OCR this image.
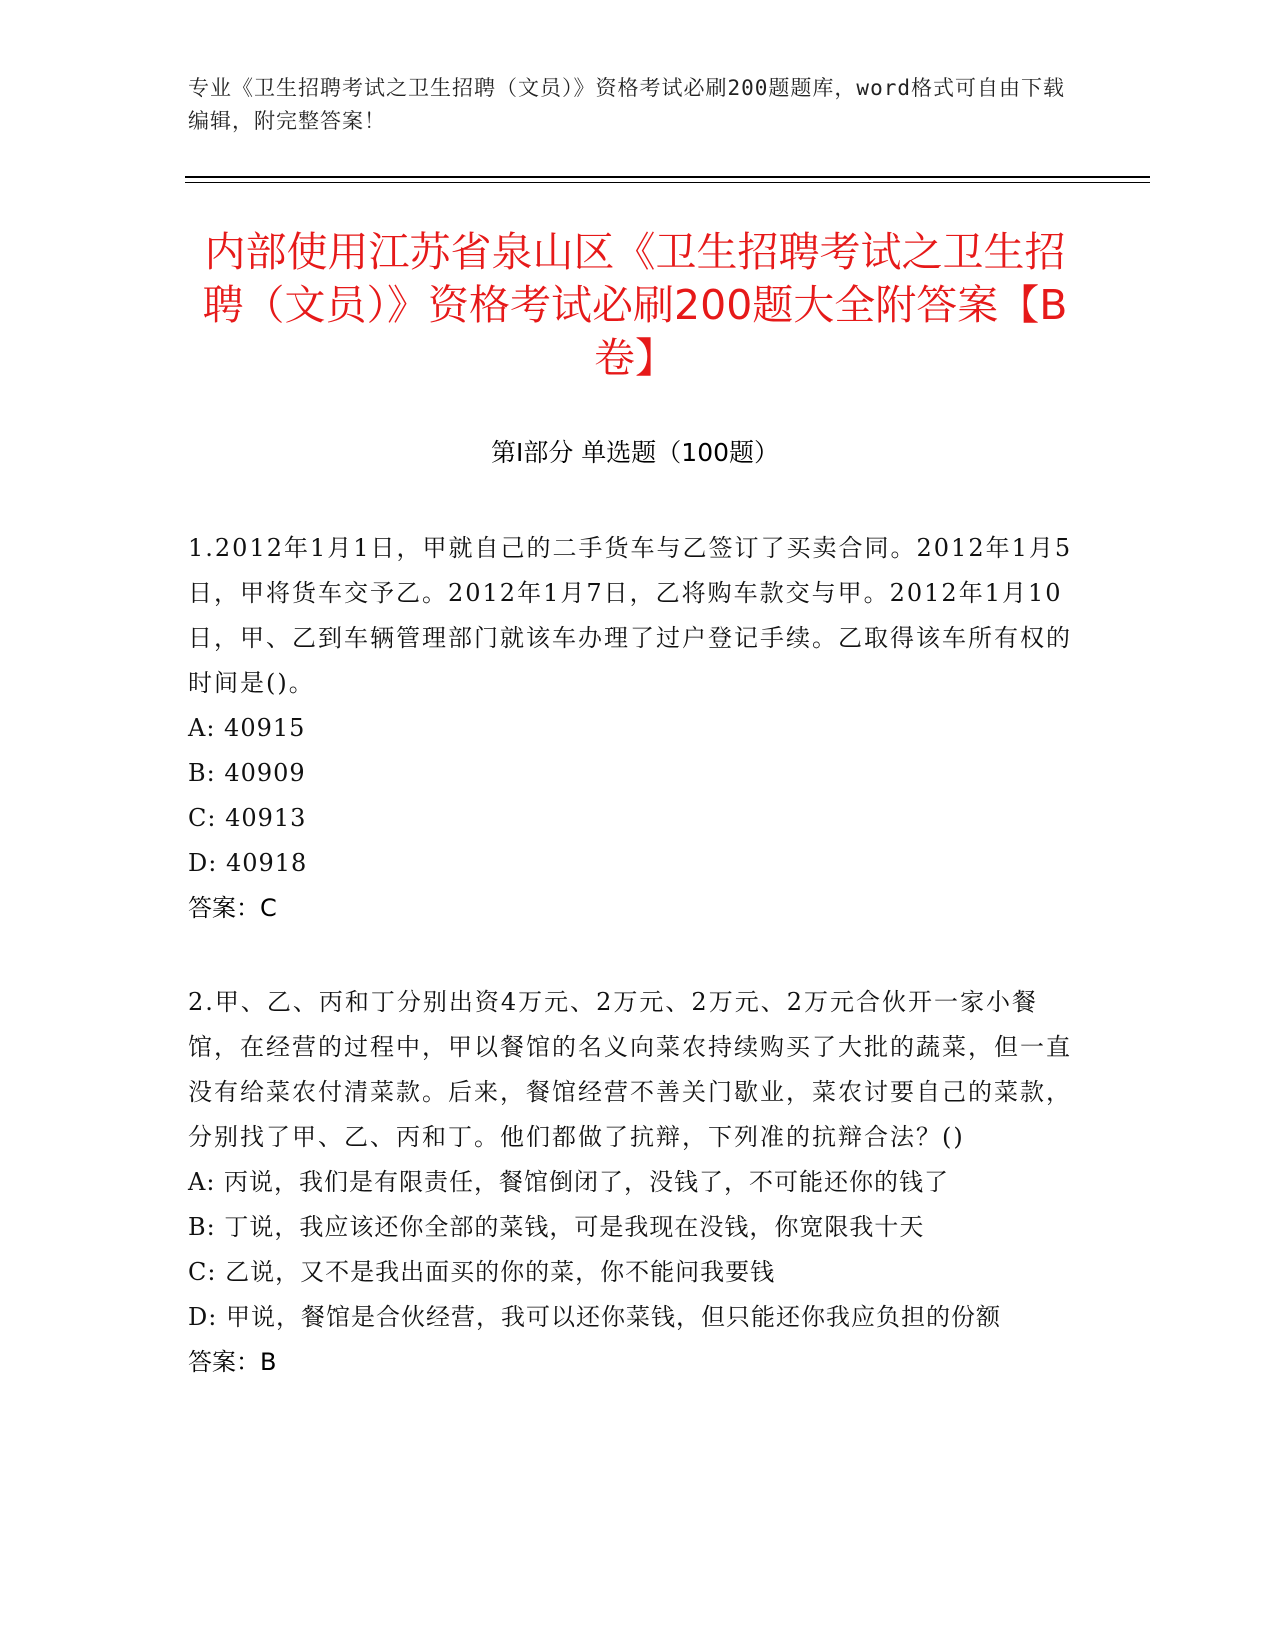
专业《卫生招聘考试之卫生招聘（文员）》资格考试必刷200题题库，word格式可自由下载编辑，附完整答案！
内部使用江苏省泉山区《卫生招聘考试之卫生招聘（文员）》资格考试必刷200题大全附答案【B卷】
第I部分 单选题（100题）
1.2012年1月1日，甲就自己的二手货车与乙签订了买卖合同。2012年1月5日，甲将货车交予乙。2012年1月7日，乙将购车款交与甲。2012年1月10日，甲、乙到车辆管理部门就该车办理了过户登记手续。乙取得该车所有权的时间是()。
A: 40915
B: 40909
C: 40913
D: 40918
答案：C
2.甲、乙、丙和丁分别出资4万元、2万元、2万元、2万元合伙开一家小餐馆，在经营的过程中，甲以餐馆的名义向菜农持续购买了大批的蔬菜，但一直没有给菜农付清菜款。后来，餐馆经营不善关门歇业，菜农讨要自己的菜款，分别找了甲、乙、丙和丁。他们都做了抗辩，下列准的抗辩合法？()
A: 丙说，我们是有限责任，餐馆倒闭了，没钱了，不可能还你的钱了
B: 丁说，我应该还你全部的菜钱，可是我现在没钱，你宽限我十天
C: 乙说，又不是我出面买的你的菜，你不能问我要钱
D: 甲说，餐馆是合伙经营，我可以还你菜钱，但只能还你我应负担的份额
答案：B
